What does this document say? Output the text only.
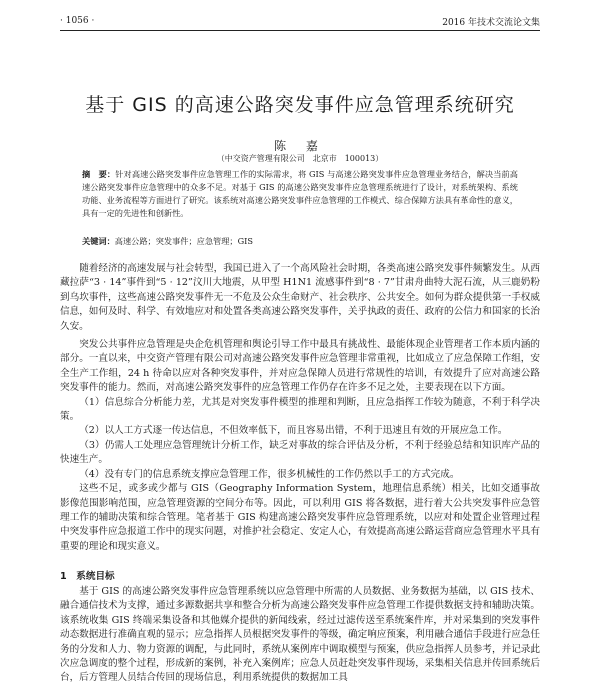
· 1056 ·	2016 年技术交流论文集
基于 GIS 的高速公路突发事件应急管理系统研究
陈 嘉
（中交资产管理有限公司　北京市　100013）
摘　要：针对高速公路突发事件应急管理工作的实际需求，将 GIS 与高速公路突发事件应急管理业务结合，解决当前高速公路突发事件应急管理中的众多不足。对基于 GIS 的高速公路突发事件应急管理系统进行了设计，对系统架构、系统功能、业务流程等方面进行了研究。该系统对高速公路突发事件应急管理的工作模式、综合保障方法具有革命性的意义，具有一定的先进性和创新性。
关键词：高速公路；突发事件；应急管理；GIS

随着经济的高速发展与社会转型，我国已进入了一个高风险社会时期，各类高速公路突发事件频繁发生。从西藏拉萨“3 · 14”事件到“5 · 12”汶川大地震，从甲型 H1N1 流感事件到“8 · 7”甘肃舟曲特大泥石流，从三鹿奶粉到乌坎事件，这些高速公路突发事件无一不危及公众生命财产、社会秩序、公共安全。如何为群众提供第一手权威信息，如何及时、科学、有效地应对和处置各类高速公路突发事件，关乎执政的责任、政府的公信力和国家的长治久安。

突发公共事件应急管理是央企危机管理和舆论引导工作中最具有挑战性、最能体现企业管理者工作本质内涵的部分。一直以来，中交资产管理有限公司对高速公路突发事件应急管理非常重视，比如成立了应急保障工作组，安全生产工作组，24 h 待命以应对各种突发事件，并对应急保障人员进行常规性的培训，有效提升了应对高速公路突发事件的能力。然而，对高速公路突发事件的应急管理工作仍存在许多不足之处，主要表现在以下方面。

（1）信息综合分析能力差，尤其是对突发事件模型的推理和判断，且应急指挥工作较为随意，不利于科学决策。

（2）以人工方式逐一传达信息，不但效率低下，而且容易出错，不利于迅速且有效的开展应急工作。

（3）仍需人工处理应急管理统计分析工作，缺乏对事故的综合评估及分析，不利于经验总结和知识库产品的快速生产。

（4）没有专门的信息系统支撑应急管理工作，很多机械性的工作仍然以手工的方式完成。

这些不足，或多或少都与 GIS（Geography Information System，地理信息系统）相关，比如交通事故影像范围影响范围，应急管理资源的空间分布等。因此，可以利用 GIS 将各数据，进行着大公共突发事件应急管理工作的辅助决策和综合管理。笔者基于 GIS 构建高速公路突发事件应急管理系统，以应对和处置企业管理过程中突发事件应急报道工作中的现实问题，对推护社会稳定、安定人心，有效提高高速公路运营商应急管理水平具有重要的理论和现实意义。

1　系统目标

基于 GIS 的高速公路突发事件应急管理系统以应急管理中所需的人员数据、业务数据为基础，以 GIS 技术、融合通信技术为支撑，通过多源数据共享和整合分析为高速公路突发事件应急管理工作提供数据支持和辅助决策。该系统收集 GIS 终端采集设备和其他媒介提供的新闻线索，经过过滤传送至系统案件库，并对采集到的突发事件动态数据进行准确直观的显示；应急指挥人员根据突发事件的等级，确定响应预案，利用融合通信手段进行应急任务的分发和人力、物力资源的调配，与此同时，系统从案例库中调取模型与预案，供应急指挥人员参考，并记录此次应急调度的整个过程，形成新的案例，补充入案例库；应急人员赶赴突发事件现场，采集相关信息并传回系统后台，后方管理人员结合传回的现场信息，利用系统提供的数据加工具
